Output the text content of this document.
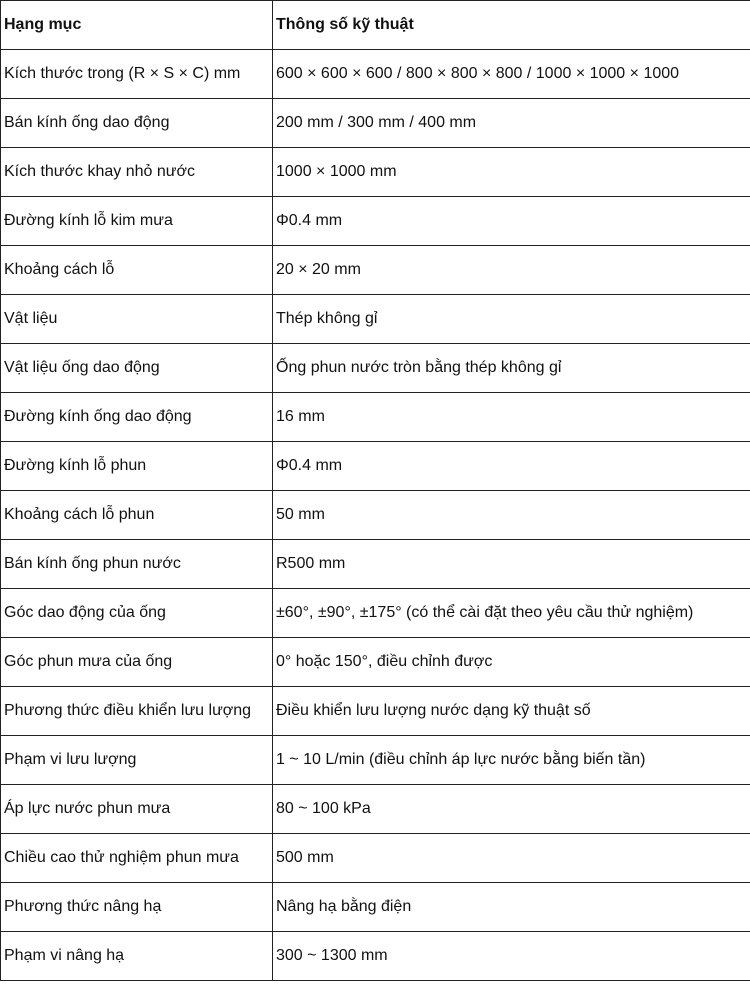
Hạng mục	Thông số kỹ thuật
Kích thước trong (R × S × C) mm	600 × 600 × 600 / 800 × 800 × 800 / 1000 × 1000 × 1000
Bán kính ống dao động	200 mm / 300 mm / 400 mm
Kích thước khay nhỏ nước	1000 × 1000 mm
Đường kính lỗ kim mưa	Φ0.4 mm
Khoảng cách lỗ	20 × 20 mm
Vật liệu	Thép không gỉ
Vật liệu ống dao động	Ống phun nước tròn bằng thép không gỉ
Đường kính ống dao động	16 mm
Đường kính lỗ phun	Φ0.4 mm
Khoảng cách lỗ phun	50 mm
Bán kính ống phun nước	R500 mm
Góc dao động của ống	±60°, ±90°, ±175° (có thể cài đặt theo yêu cầu thử nghiệm)
Góc phun mưa của ống	0° hoặc 150°, điều chỉnh được
Phương thức điều khiển lưu lượng	Điều khiển lưu lượng nước dạng kỹ thuật số
Phạm vi lưu lượng	1 ~ 10 L/min (điều chỉnh áp lực nước bằng biến tần)
Áp lực nước phun mưa	80 ~ 100 kPa
Chiều cao thử nghiệm phun mưa	500 mm
Phương thức nâng hạ	Nâng hạ bằng điện
Phạm vi nâng hạ	300 ~ 1300 mm
